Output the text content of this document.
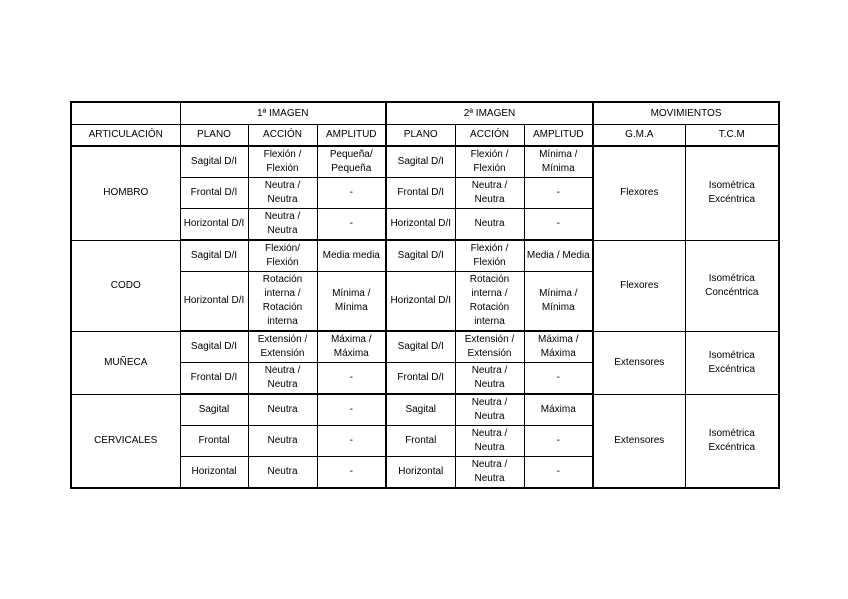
	1ª IMAGEN			2ª IMAGEN			MOVIMIENTOS	
ARTICULACIÓN	PLANO	ACCIÓN	AMPLITUD	PLANO	ACCIÓN	AMPLITUD	G.M.A	T.C.M
HOMBRO	Sagital D/I	Flexión / Flexión	Pequeña/ Pequeña	Sagital D/I	Flexión / Flexión	Mínima / Mínima	Flexores	Isométrica Excéntrica
	Frontal D/I	Neutra / Neutra	-	Frontal D/I	Neutra / Neutra	-		
	Horizontal D/I	Neutra / Neutra	-	Horizontal D/I	Neutra	-		
CODO	Sagital D/I	Flexión/ Flexión	Media media	Sagital D/I	Flexión / Flexión	Media / Media	Flexores	Isométrica Concéntrica
	Horizontal D/I	Rotación interna / Rotación interna	Mínima / Mínima	Horizontal D/I	Rotación interna / Rotación interna	Mínima / Mínima		
MUÑECA	Sagital D/I	Extensión / Extensión	Máxima / Máxima	Sagital D/I	Extensión / Extensión	Máxima / Máxima	Extensores	Isométrica Excéntrica
	Frontal D/I	Neutra / Neutra	-	Frontal D/I	Neutra / Neutra	-		
CERVICALES	Sagital	Neutra	-	Sagital	Neutra / Neutra	Máxima	Extensores	Isométrica Excéntrica
	Frontal	Neutra	-	Frontal	Neutra / Neutra	-		
	Horizontal	Neutra	-	Horizontal	Neutra / Neutra	-		
